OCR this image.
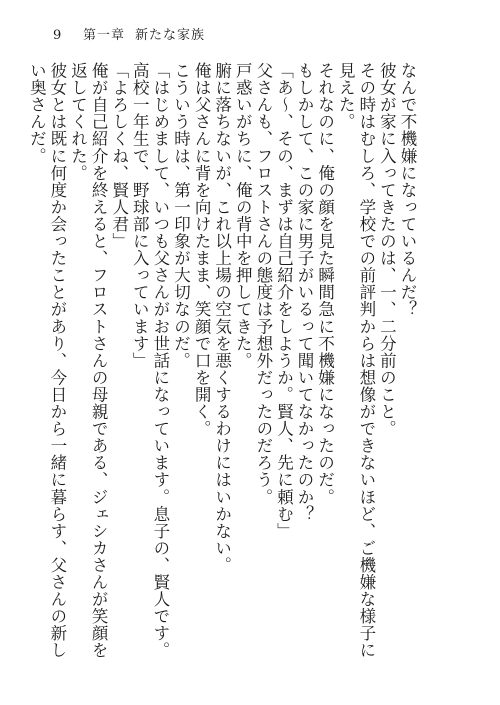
9 第一章 新たな家族

なんで不機嫌になっているんだ？

彼女が家に入ってきたのは、一、二分前のこと。

その時はむしろ、学校での前評判からは想像ができないほど、ご機嫌な様子に見えた。

それなのに、俺の顔を見た瞬間急に不機嫌になったのだ。

もしかして、この家に男子がいるって聞いてなかったのか？

「あ～、その、まずは自己紹介をしようか。賢人、先に頼む」

父さんも、フロストさんの態度は予想外だったのだろう。

戸惑いがちに、俺の背中を押してきた。

腑に落ちないが、これ以上場の空気を悪くするわけにはいかない。

俺は父さんに背を向けたまま、笑顔で口を開く。

こういう時は、第一印象が大切なのだ。

「はじめまして、いつも父さんがお世話になっています。息子の、賢人です。高校一年生で、野球部に入っています」

「よろしくね、賢人君」

俺が自己紹介を終えると、フロストさんの母親である、ジェシカさんが笑顔を返してくれた。

彼女とは既に何度か会ったことがあり、今日から一緒に暮らす、父さんの新しい奥さんだ。
